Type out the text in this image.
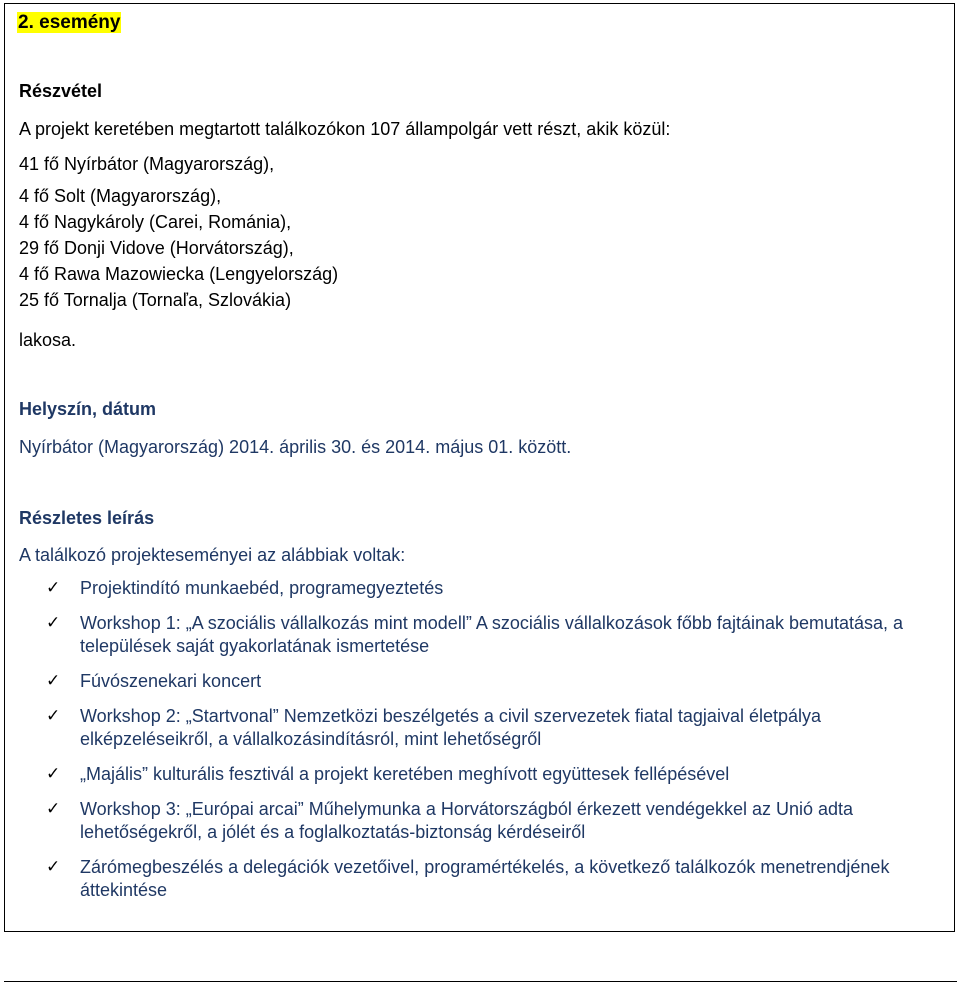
2. esemény
Részvétel

A projekt keretében megtartott találkozókon 107 állampolgár vett részt, akik közül:

41 fő Nyírbátor (Magyarország),

4 fő Solt (Magyarország),
4 fő Nagykároly (Carei, Románia),
29 fő Donji Vidove (Horvátország),
4 fő Rawa Mazowiecka (Lengyelország)
25 fő Tornalja (Tornaľa, Szlovákia)

lakosa.

Helyszín, dátum

Nyírbátor (Magyarország) 2014. április 30. és 2014. május 01. között.

Részletes leírás

A találkozó projekteseményei az alábbiak voltak:

✓ Projektindító munkaebéd, programegyeztetés
✓ Workshop 1: „A szociális vállalkozás mint modell” A szociális vállalkozások főbb fajtáinak bemutatása, a települések saját gyakorlatának ismertetése
✓ Fúvószenekari koncert
✓ Workshop 2: „Startvonal” Nemzetközi beszélgetés a civil szervezetek fiatal tagjaival életpálya elképzeléseikről, a vállalkozásindításról, mint lehetőségről
✓ „Majális” kulturális fesztivál a projekt keretében meghívott együttesek fellépésével
✓ Workshop 3: „Európai arcai” Műhelymunka a Horvátországból érkezett vendégekkel az Unió adta lehetőségekről, a jólét és a foglalkoztatás-biztonság kérdéseiről
✓ Zárómegbeszélés a delegációk vezetőivel, programértékelés, a következő találkozók menetrendjének áttekintése
